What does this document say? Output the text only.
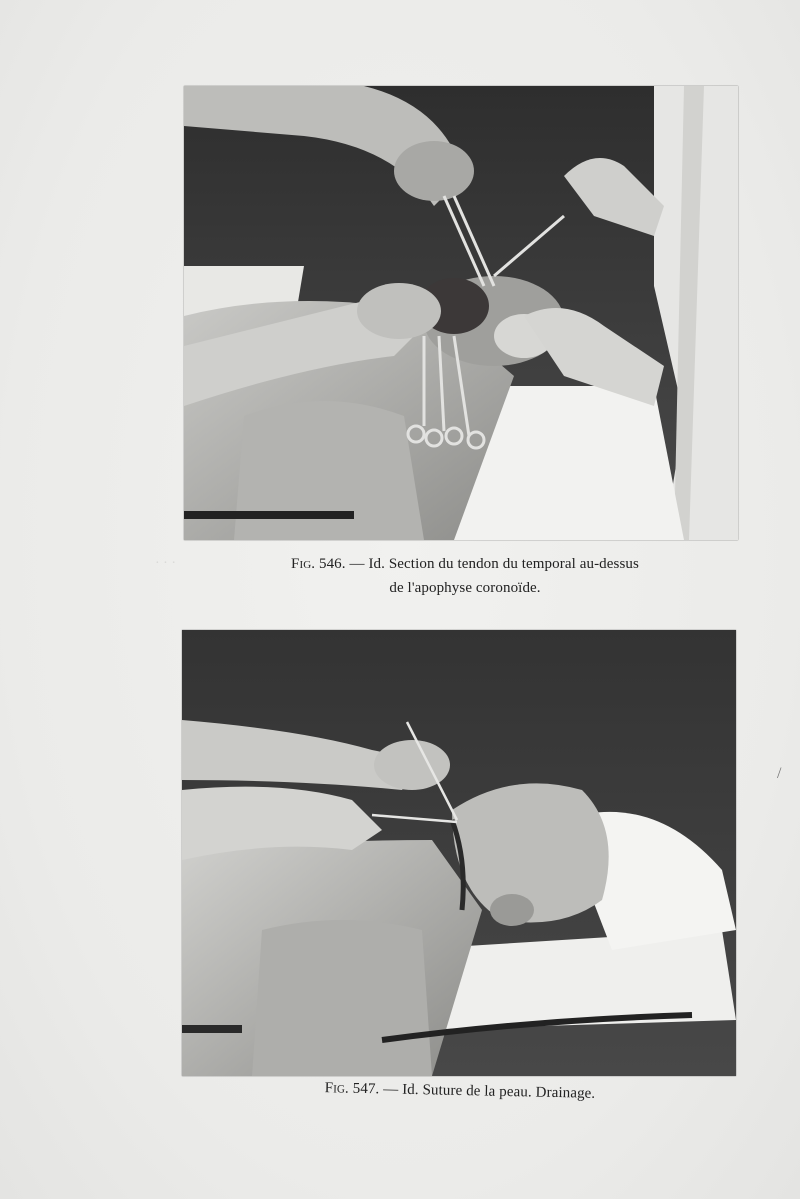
· · ·	Fig. 546. — Id. Section du tendon du temporal au-dessus
de l'apophyse coronoïde.
Fig. 547. — Id. Suture de la peau. Drainage.
/
